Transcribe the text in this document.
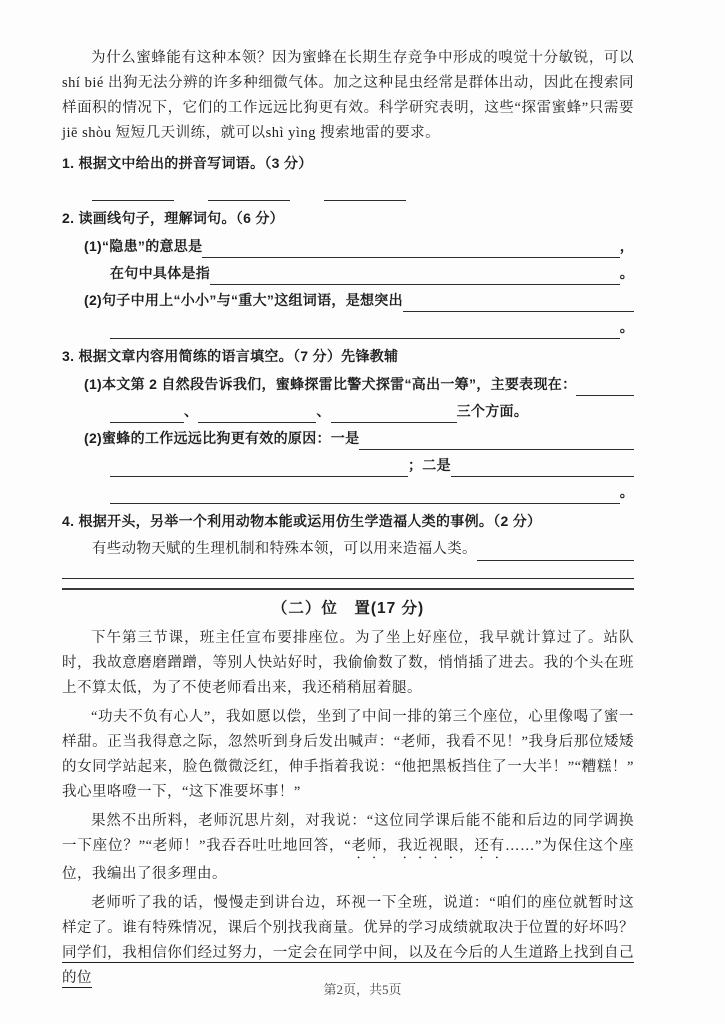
为什么蜜蜂能有这种本领？因为蜜蜂在长期生存竞争中形成的嗅觉十分敏锐，可以shí bié 出狗无法分辨的许多种细微气体。加之这种昆虫经常是群体出动，因此在搜索同样面积的情况下，它们的工作远远比狗更有效。科学研究表明，这些“探雷蜜蜂”只需要 jiē shòu 短短几天训练，就可以shì yìng 搜索地雷的要求。

1. 根据文中给出的拼音写词语。（3 分）
2. 读画线句子，理解词句。（6 分）
(1)“隐患”的意思是	，
在句中具体是指	。
(2)句子中用上“小小”与“重大”这组词语，是想突出
。
3. 根据文章内容用简练的语言填空。（7 分）先锋教辅
(1)本文第 2 自然段告诉我们，蜜蜂探雷比警犬探雷“高出一筹”，主要表现在：
、	、	三个方面。
(2)蜜蜂的工作远远比狗更有效的原因：一是
；二是
。
4. 根据开头，另举一个利用动物本能或运用仿生学造福人类的事例。（2 分）
有些动物天赋的生理机制和特殊本领，可以用来造福人类。
（二）位　置(17 分)

下午第三节课，班主任宣布要排座位。为了坐上好座位，我早就计算过了。站队时，我故意磨磨蹭蹭，等别人快站好时，我偷偷数了数，悄悄插了进去。我的个头在班上不算太低，为了不使老师看出来，我还稍稍屈着腿。

“功夫不负有心人”，我如愿以偿，坐到了中间一排的第三个座位，心里像喝了蜜一样甜。正当我得意之际，忽然听到身后发出喊声：“老师，我看不见！”我身后那位矮矮的女同学站起来，脸色微微泛红，伸手指着我说：“他把黑板挡住了一大半！”“糟糕！”我心里咯噔一下，“这下准要坏事！”

果然不出所料，老师沉思片刻，对我说：“这位同学课后能不能和后边的同学调换一下座位？”“老师！”我吞吞吐吐地回答，“老师，我近视眼，还有……”为保住这个座位，我编出了很多理由。

老师听了我的话，慢慢走到讲台边，环视一下全班，说道：“咱们的座位就暂时这样定了。谁有特殊情况，课后个别找我商量。优异的学习成绩就取决于位置的好坏吗？同学们，我相信你们经过努力，一定会在同学中间，以及在今后的人生道路上找到自己的位

第2页，共5页
